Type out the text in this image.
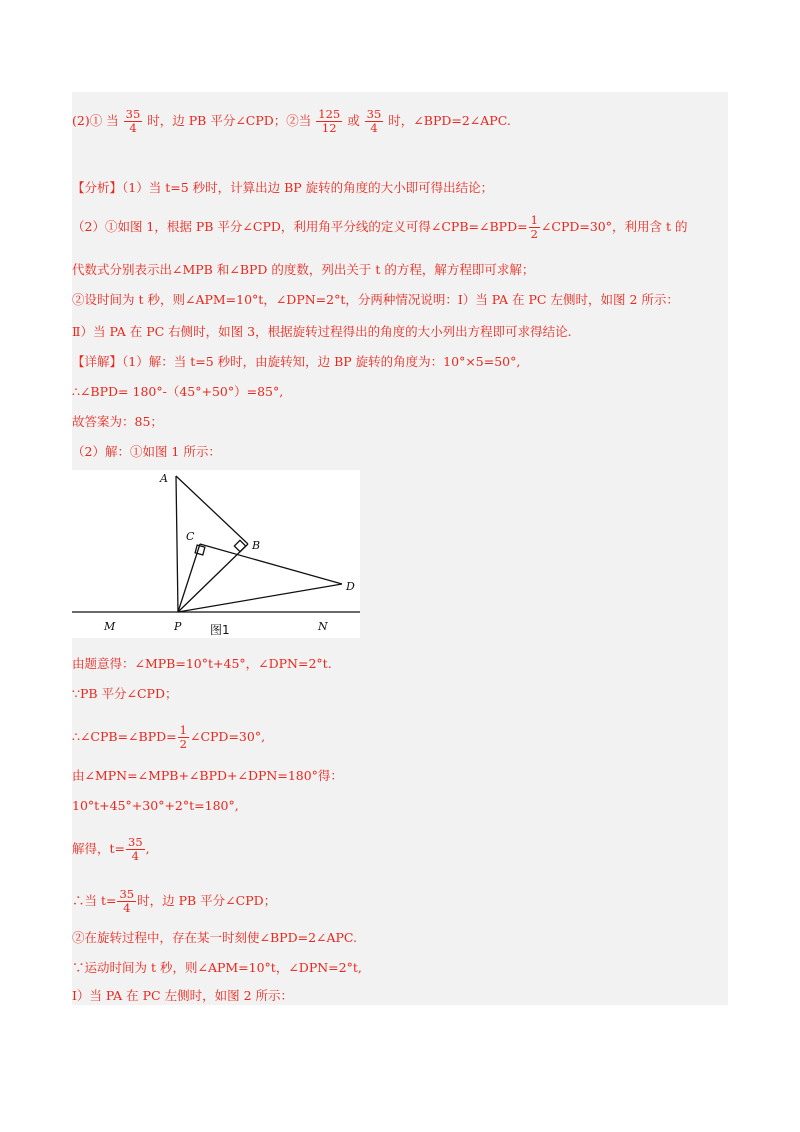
(2)① 当 $\frac{35}{4}$ 时，边 PB 平分∠CPD；②当 $\frac{125}{12}$ 或 $\frac{35}{4}$ 时，∠BPD=2∠APC.
【分析】（1）当 t=5 秒时，计算出边 BP 旋转的角度的大小即可得出结论；
（2）①如图 1，根据 PB 平分∠CPD，利用角平分线的定义可得∠CPB=∠BPD= $\frac{1}{2}$ ∠CPD=30°，利用含 t 的
代数式分别表示出∠MPB 和∠BPD 的度数，列出关于 t 的方程，解方程即可求解；
②设时间为 t 秒，则∠APM=10°t，∠DPN=2°t，分两种情况说明：Ⅰ）当 PA 在 PC 左侧时，如图 2 所示：
Ⅱ）当 PA 在 PC 右侧时，如图 3，根据旋转过程得出的角度的大小列出方程即可求得结论.
【详解】（1）解：当 t=5 秒时，由旋转知，边 BP 旋转的角度为：10°×5=50°,
∴∠BPD= 180°-（45°+50°）=85°,
故答案为：85；
（2）解：①如图 1 所示：
A
B
C
D
M	P	N
图1
由题意得：∠MPB=10°t+45°，∠DPN=2°t.
∵PB 平分∠CPD；
∴∠CPB=∠BPD= $\frac{1}{2}$ ∠CPD=30°,
由∠MPN=∠MPB+∠BPD+∠DPN=180°得：
10°t+45°+30°+2°t=180°,
解得，$t= \frac{35}{4}$ ,
∴当 $t= \frac{35}{4}$ 时，边 PB 平分∠CPD；
②在旋转过程中，存在某一时刻使∠BPD=2∠APC.
∵运动时间为 t 秒，则∠APM=10°t，∠DPN=2°t,
Ⅰ）当 PA 在 PC 左侧时，如图 2 所示：
